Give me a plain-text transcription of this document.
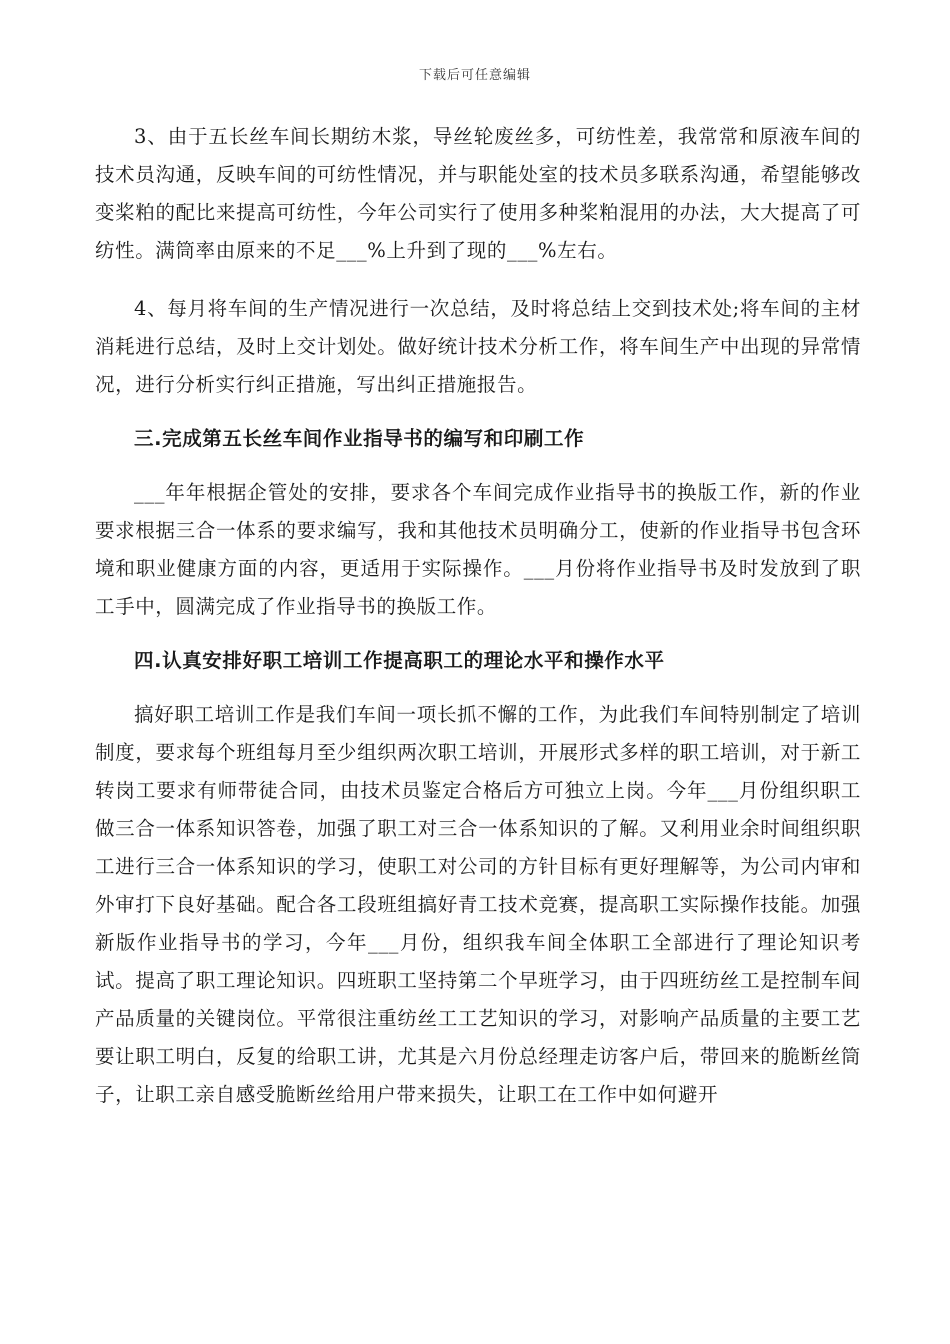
下载后可任意编辑

3、由于五长丝车间长期纺木浆，导丝轮废丝多，可纺性差，我常常和原液车间的技术员沟通，反映车间的可纺性情况，并与职能处室的技术员多联系沟通，希望能够改变桨粕的配比来提高可纺性，今年公司实行了使用多种桨粕混用的办法，大大提高了可纺性。满筒率由原来的不足___%上升到了现的___%左右。

4、每月将车间的生产情况进行一次总结，及时将总结上交到技术处;将车间的主材消耗进行总结，及时上交计划处。做好统计技术分析工作，将车间生产中出现的异常情况，进行分析实行纠正措施，写出纠正措施报告。

三.完成第五长丝车间作业指导书的编写和印刷工作

___年年根据企管处的安排，要求各个车间完成作业指导书的换版工作，新的作业要求根据三合一体系的要求编写，我和其他技术员明确分工，使新的作业指导书包含环境和职业健康方面的内容，更适用于实际操作。___月份将作业指导书及时发放到了职工手中，圆满完成了作业指导书的换版工作。

四.认真安排好职工培训工作提高职工的理论水平和操作水平

搞好职工培训工作是我们车间一项长抓不懈的工作，为此我们车间特别制定了培训制度，要求每个班组每月至少组织两次职工培训，开展形式多样的职工培训，对于新工转岗工要求有师带徒合同，由技术员鉴定合格后方可独立上岗。今年___月份组织职工做三合一体系知识答卷，加强了职工对三合一体系知识的了解。又利用业余时间组织职工进行三合一体系知识的学习，使职工对公司的方针目标有更好理解等，为公司内审和外审打下良好基础。配合各工段班组搞好青工技术竞赛，提高职工实际操作技能。加强新版作业指导书的学习，今年___月份，组织我车间全体职工全部进行了理论知识考试。提高了职工理论知识。四班职工坚持第二个早班学习，由于四班纺丝工是控制车间产品质量的关键岗位。平常很注重纺丝工工艺知识的学习，对影响产品质量的主要工艺要让职工明白，反复的给职工讲，尤其是六月份总经理走访客户后，带回来的脆断丝筒子，让职工亲自感受脆断丝给用户带来损失，让职工在工作中如何避开
